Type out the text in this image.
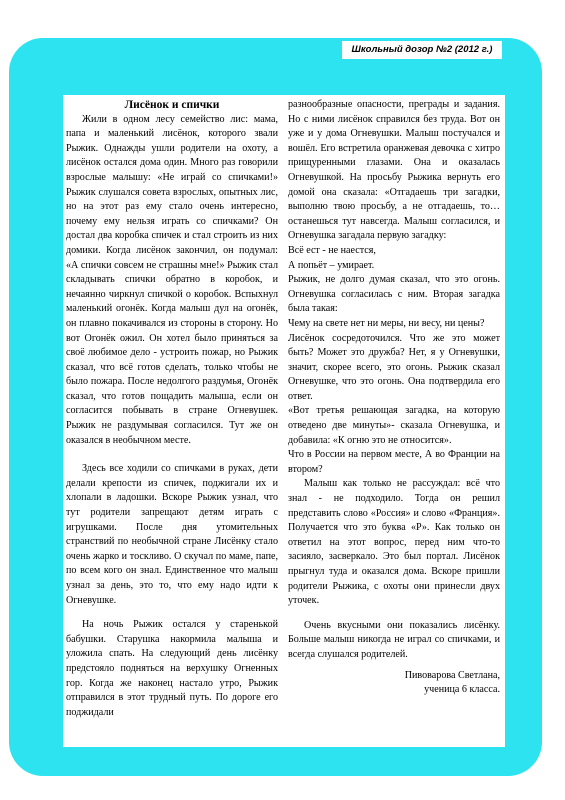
Школьный дозор №2 (2012 г.)

Лисёнок и спички

Жили в одном лесу семейство лис: мама, папа и маленький лисёнок, которого звали Рыжик. Однажды ушли родители на охоту, а лисёнок остался дома один. Много раз говорили взрослые малышу: «Не играй со спичками!» Рыжик слушался совета взрослых, опытных лис, но на этот раз ему стало очень интересно, почему ему нельзя играть со спичками? Он достал два коробка спичек и стал строить из них домики. Когда лисёнок закончил, он подумал: «А спички совсем не страшны мне!» Рыжик стал складывать спички обратно в коробок, и нечаянно чиркнул спичкой о коробок. Вспыхнул маленький огонёк. Когда малыш дул на огонёк, он плавно покачивался из стороны в сторону. Но вот Огонёк ожил. Он хотел было приняться за своё любимое дело - устроить пожар, но Рыжик сказал, что всё готов сделать, только чтобы не было пожара. После недолгого раздумья, Огонёк сказал, что готов пощадить малыша, если он согласится побывать в стране Огневушек. Рыжик не раздумывая согласился. Тут же он оказался в необычном месте.

Здесь все ходили со спичками в руках, дети делали крепости из спичек, поджигали их и хлопали в ладошки. Вскоре Рыжик узнал, что тут родители запрещают детям играть с игрушками. После дня утомительных странствий по необычной стране Лисёнку стало очень жарко и тоскливо. О скучал по маме, папе, по всем кого он знал. Единственное что малыш узнал за день, это то, что ему надо идти к Огневушке.

На ночь Рыжик остался у старенькой бабушки. Старушка накормила малыша и уложила спать. На следующий день лисёнку предстояло подняться на верхушку Огненных гор. Когда же наконец настало утро, Рыжик отправился в этот трудный путь. По дороге его поджидали

разнообразные опасности, преграды и задания. Но с ними лисёнок справился без труда. Вот он уже и у дома Огневушки. Малыш постучался и вошёл. Его встретила оранжевая девочка с хитро прищуренными глазами. Она и оказалась Огневушкой. На просьбу Рыжика вернуть его домой она сказала: «Отгадаешь три загадки, выполню твою просьбу, а не отгадаешь, то… останешься тут навсегда. Малыш согласился, и Огневушка загадала первую загадку:

Всё ест - не наестся,

А попьёт – умирает.

Рыжик, не долго думая сказал, что это огонь. Огневушка согласилась с ним. Вторая загадка была такая:

Чему на свете нет ни меры, ни весу, ни цены?

Лисёнок сосредоточился. Что же это может быть? Может это дружба? Нет, я у Огневушки, значит, скорее всего, это огонь. Рыжик сказал Огневушке, что это огонь. Она подтвердила его ответ.

«Вот третья решающая загадка, на которую отведено две минуты»- сказала Огневушка, и добавила: «К огню это не относится».

Что в России на первом месте, А во Франции на втором?

Малыш как только не рассуждал: всё что знал - не подходило. Тогда он решил представить слово «Россия» и слово «Франция». Получается что это буква «Р». Как только он ответил на этот вопрос, перед ним что-то засияло, засверкало. Это был портал. Лисёнок прыгнул туда и оказался дома. Вскоре пришли родители Рыжика, с охоты они принесли двух уточек.

Очень вкусными они показались лисёнку. Больше малыш никогда не играл со спичками, и всегда слушался родителей.

Пивоварова Светлана,
ученица 6 класса.
